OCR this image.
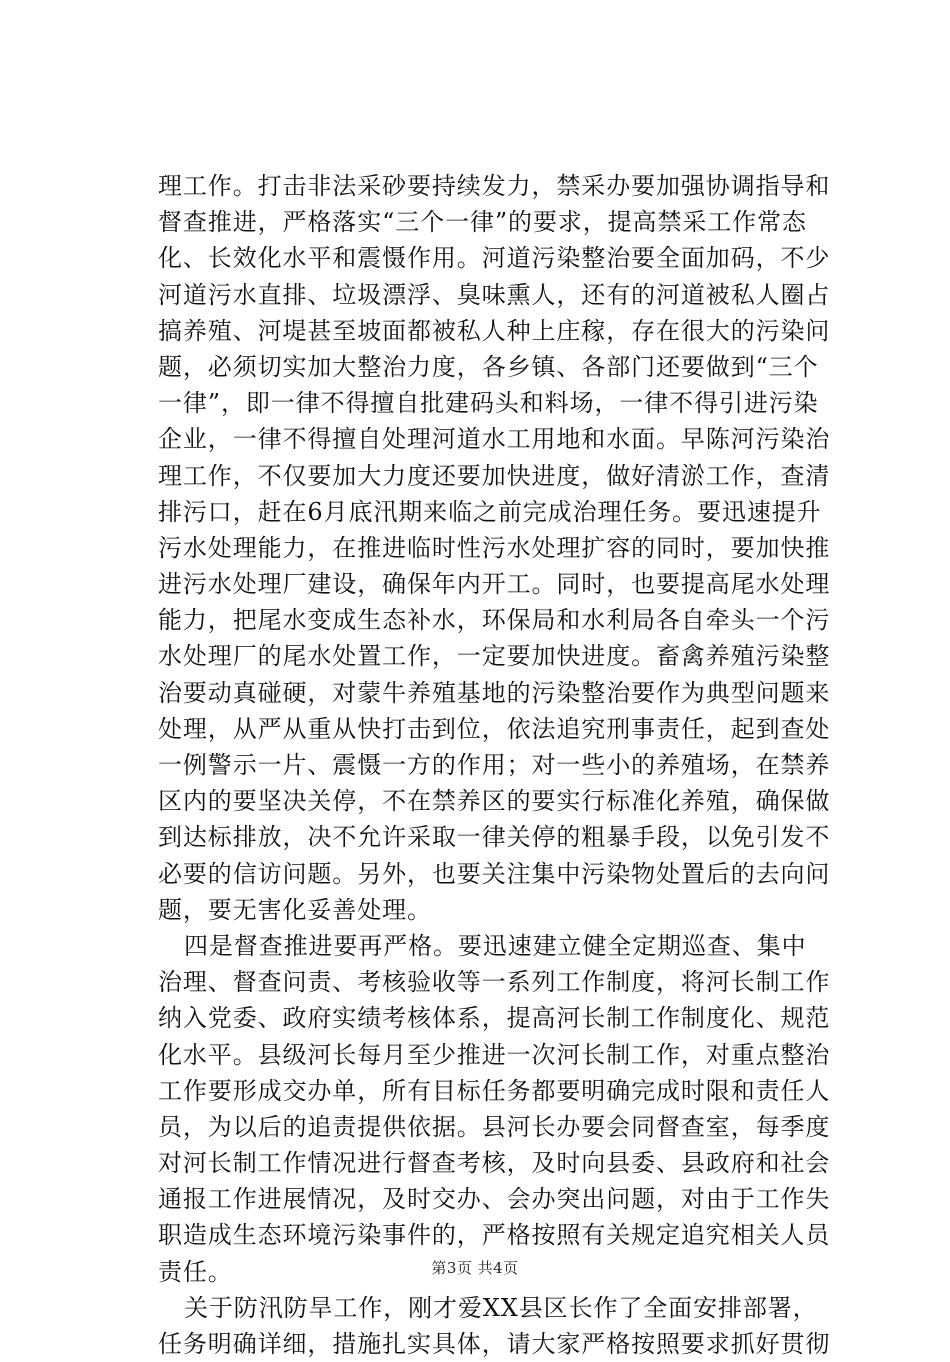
理工作。打击非法采砂要持续发力，禁采办要加强协调指导和
督查推进，严格落实“三个一律”的要求，提高禁采工作常态
化、长效化水平和震慑作用。河道污染整治要全面加码，不少
河道污水直排、垃圾漂浮、臭味熏人，还有的河道被私人圈占
搞养殖、河堤甚至坡面都被私人种上庄稼，存在很大的污染问
题，必须切实加大整治力度，各乡镇、各部门还要做到“三个
一律”，即一律不得擅自批建码头和料场，一律不得引进污染
企业，一律不得擅自处理河道水工用地和水面。早陈河污染治
理工作，不仅要加大力度还要加快进度，做好清淤工作，查清
排污口，赶在6月底汛期来临之前完成治理任务。要迅速提升
污水处理能力，在推进临时性污水处理扩容的同时，要加快推
进污水处理厂建设，确保年内开工。同时，也要提高尾水处理
能力，把尾水变成生态补水，环保局和水利局各自牵头一个污
水处理厂的尾水处置工作，一定要加快进度。畜禽养殖污染整
治要动真碰硬，对蒙牛养殖基地的污染整治要作为典型问题来
处理，从严从重从快打击到位，依法追究刑事责任，起到查处
一例警示一片、震慑一方的作用；对一些小的养殖场，在禁养
区内的要坚决关停，不在禁养区的要实行标准化养殖，确保做
到达标排放，决不允许采取一律关停的粗暴手段，以免引发不
必要的信访问题。另外，也要关注集中污染物处置后的去向问
题，要无害化妥善处理。
四是督查推进要再严格。要迅速建立健全定期巡查、集中
治理、督查问责、考核验收等一系列工作制度，将河长制工作
纳入党委、政府实绩考核体系，提高河长制工作制度化、规范
化水平。县级河长每月至少推进一次河长制工作，对重点整治
工作要形成交办单，所有目标任务都要明确完成时限和责任人
员，为以后的追责提供依据。县河长办要会同督查室，每季度
对河长制工作情况进行督查考核，及时向县委、县政府和社会
通报工作进展情况，及时交办、会办突出问题，对由于工作失
职造成生态环境污染事件的，严格按照有关规定追究相关人员
责任。
关于防汛防旱工作，刚才爱XX县区长作了全面安排部署，
任务明确详细，措施扎实具体，请大家严格按照要求抓好贯彻
第3页 共4页
